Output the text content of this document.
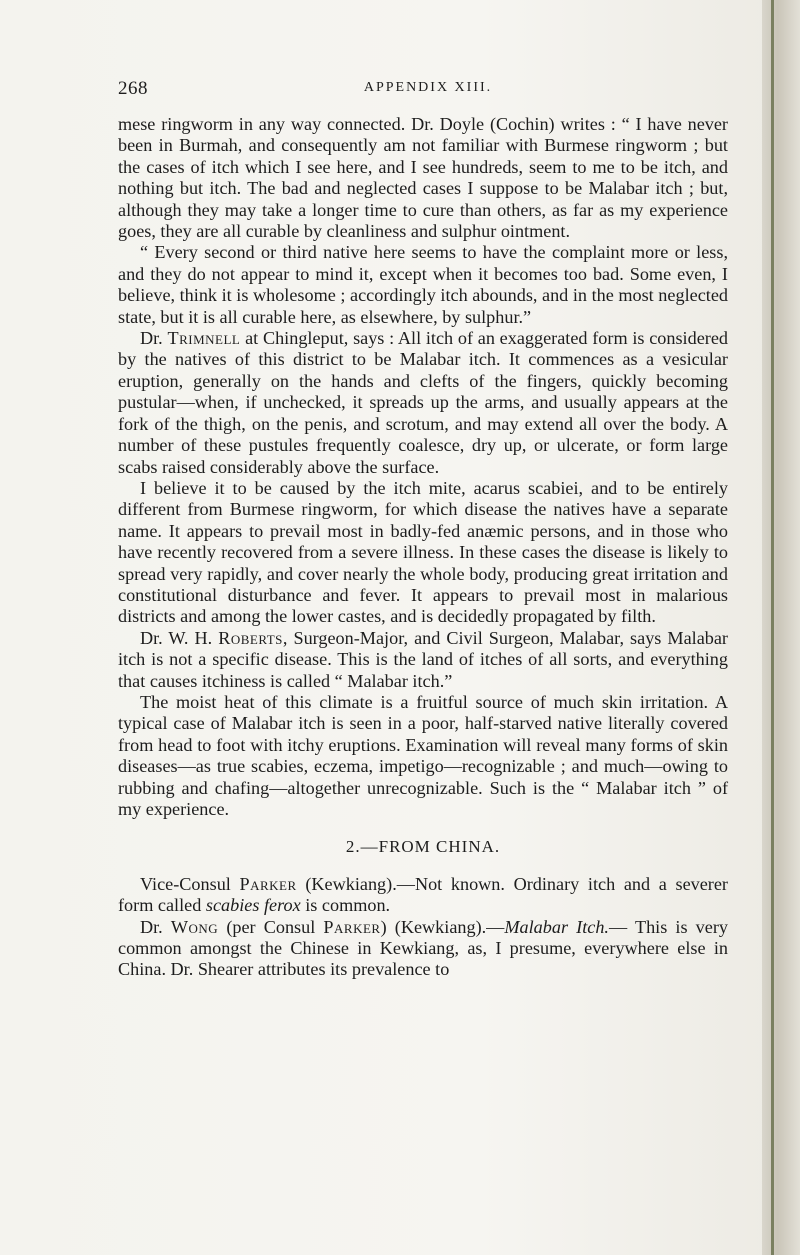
268	APPENDIX XIII.

mese ringworm in any way connected. Dr. Doyle (Cochin) writes : “ I have never been in Burmah, and consequently am not familiar with Burmese ringworm ; but the cases of itch which I see here, and I see hundreds, seem to me to be itch, and nothing but itch. The bad and neglected cases I suppose to be Malabar itch ; but, although they may take a longer time to cure than others, as far as my experience goes, they are all curable by cleanliness and sulphur ointment.

“ Every second or third native here seems to have the complaint more or less, and they do not appear to mind it, except when it becomes too bad. Some even, I believe, think it is wholesome ; accordingly itch abounds, and in the most neglected state, but it is all curable here, as elsewhere, by sulphur.”

Dr. Trimnell at Chingleput, says : All itch of an exaggerated form is considered by the natives of this district to be Malabar itch. It commences as a vesicular eruption, generally on the hands and clefts of the fingers, quickly becoming pustular—when, if unchecked, it spreads up the arms, and usually appears at the fork of the thigh, on the penis, and scrotum, and may extend all over the body. A number of these pustules frequently coalesce, dry up, or ulcerate, or form large scabs raised considerably above the surface.

I believe it to be caused by the itch mite, acarus scabiei, and to be entirely different from Burmese ringworm, for which disease the natives have a separate name. It appears to prevail most in badly-fed anæmic persons, and in those who have recently recovered from a severe illness. In these cases the disease is likely to spread very rapidly, and cover nearly the whole body, producing great irritation and constitutional disturbance and fever. It appears to prevail most in malarious districts and among the lower castes, and is decidedly propagated by filth.

Dr. W. H. Roberts, Surgeon-Major, and Civil Surgeon, Malabar, says Malabar itch is not a specific disease. This is the land of itches of all sorts, and everything that causes itchiness is called “ Malabar itch.”

The moist heat of this climate is a fruitful source of much skin irritation. A typical case of Malabar itch is seen in a poor, half-starved native literally covered from head to foot with itchy eruptions. Examination will reveal many forms of skin diseases—as true scabies, eczema, impetigo—recognizable ; and much—owing to rubbing and chafing—altogether unrecognizable. Such is the “ Malabar itch ” of my experience.

2.—FROM CHINA.

Vice-Consul Parker (Kewkiang).—Not known. Ordinary itch and a severer form called scabies ferox is common.

Dr. Wong (per Consul Parker) (Kewkiang).—Malabar Itch.— This is very common amongst the Chinese in Kewkiang, as, I presume, everywhere else in China. Dr. Shearer attributes its prevalence to
